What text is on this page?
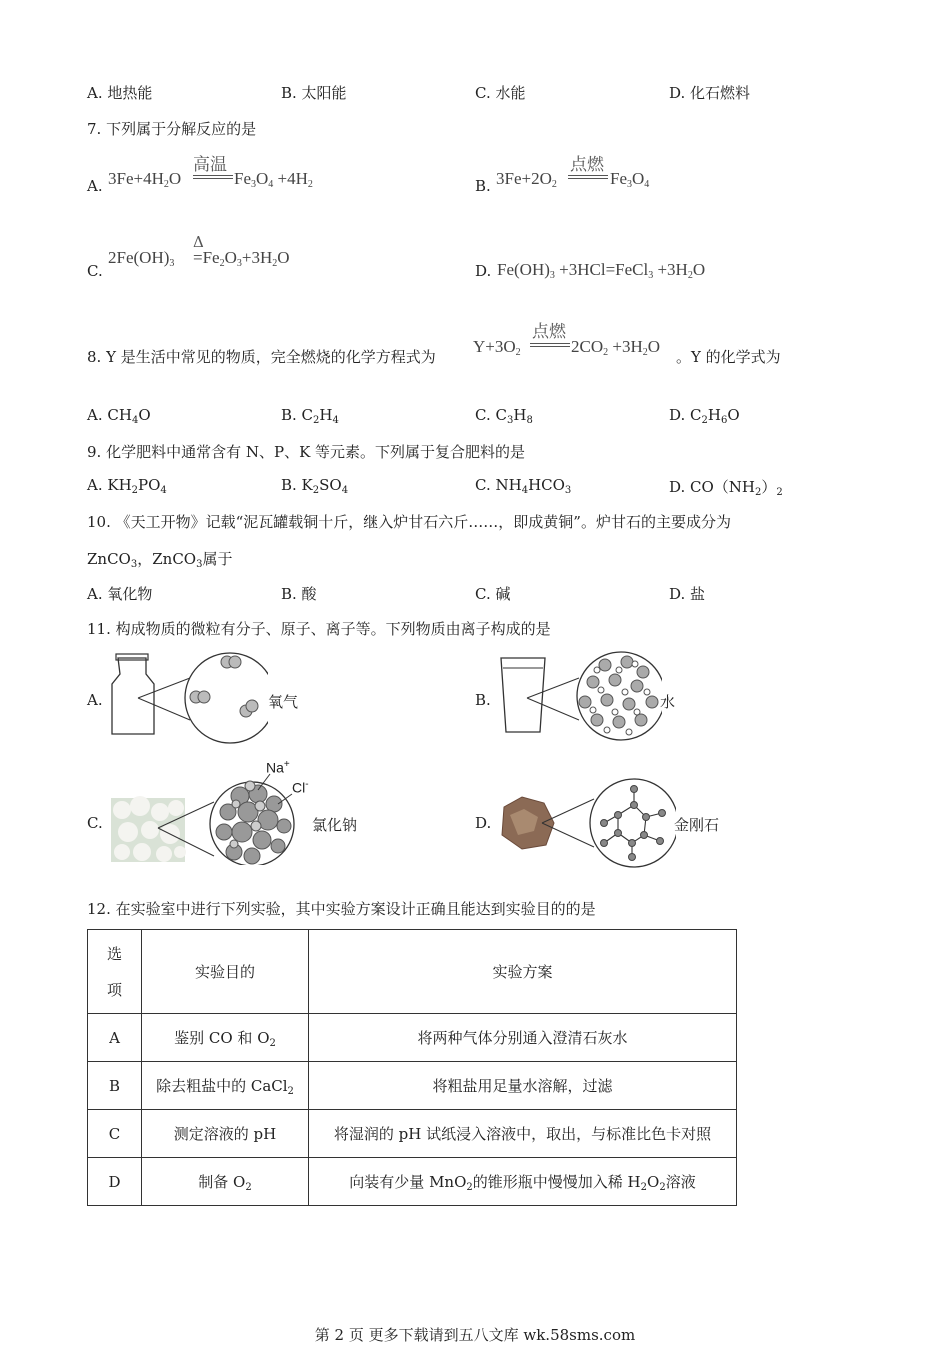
A. 地热能	B. 太阳能	C. 水能	D. 化石燃料
7. 下列属于分解反应的是
A. $3Fe+4H_2O$
高温
$Fe_3O_4 +4H_2$	B. $3Fe+2O_2$
点燃
$Fe_3O_4$
C.
$2Fe(OH)_3$
Δ
$=Fe_2O_3+3H_2O$
D. $Fe(OH)_3$ +3HCl=FeCl$_3$ $+3H_2O$
8. Y 是生活中常见的物质，完全燃烧的化学方程式为
$Y+3O_2$
点燃
$2CO_2 +3H_2O$
。Y 的化学式为
A. $CH_4O$	B. $C_2H_4$	C. $C_3H_8$	D. $C_2H_6O$
9. 化学肥料中通常含有 N、P、K 等元素。下列属于复合肥料的是
A. $KH_2PO_4$	B. $K_2SO_4$	C. $NH_4HCO_3$	D. $CO(NH_2)_2$
10. 《天工开物》记载“泥瓦罐载铜十斤，继入炉甘石六斤……，即成黄铜”。炉甘石的主要成分为
ZnCO$_3$，ZnCO$_3$属于
A. 氧化物	B. 酸	C. 碱	D. 盐
11. 构成物质的微粒有分子、原子、离子等。下列物质由离子构成的是
A.	氧气	B.	水
C.
Na+
Cl-
氯化钠	D.	金刚石
12. 在实验室中进行下列实验，其中实验方案设计正确且能达到实验目的的是
选
项	实验目的	实验方案
A	鉴别 CO 和 $O_2$	将两种气体分别通入澄清石灰水
B	除去粗盐中的 CaCl$_2$	将粗盐用足量水溶解，过滤
C	测定溶液的 pH	将湿润的 pH 试纸浸入溶液中，取出，与标准比色卡对照
D	制备 $O_2$	向装有少量 MnO$_2$的锥形瓶中慢慢加入稀 $H_2O_2$溶液
第 2 页 更多下载请到五八文库 wk.58sms.com
